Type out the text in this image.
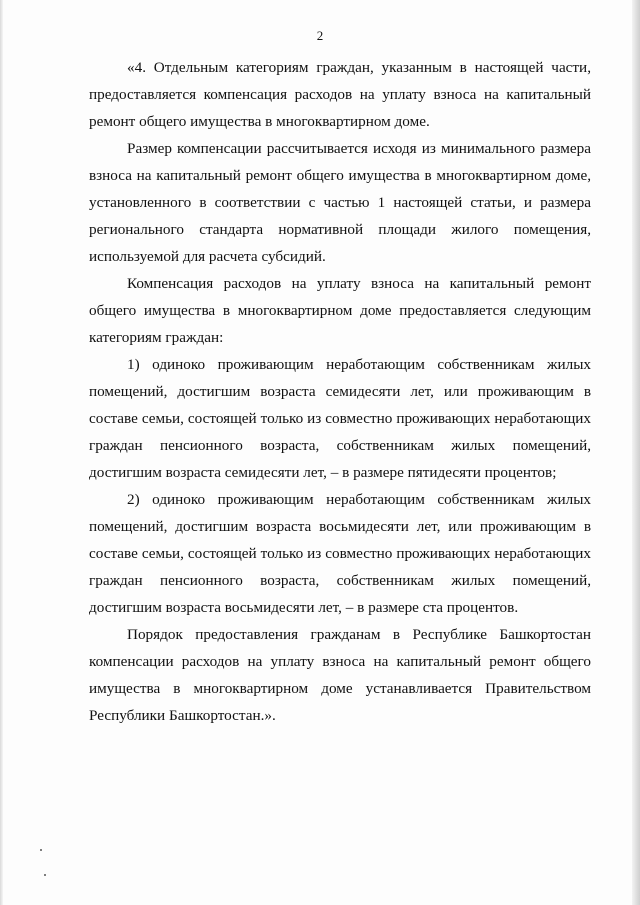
2

«4. Отдельным категориям граждан, указанным в настоящей части, предоставляется компенсация расходов на уплату взноса на капитальный ремонт общего имущества в многоквартирном доме.

Размер компенсации рассчитывается исходя из минимального размера взноса на капитальный ремонт общего имущества в многоквартирном доме, установленного в соответствии с частью 1 настоящей статьи, и размера регионального стандарта нормативной площади жилого помещения, используемой для расчета субсидий.

Компенсация расходов на уплату взноса на капитальный ремонт общего имущества в многоквартирном доме предоставляется следующим категориям граждан:

1) одиноко проживающим неработающим собственникам жилых помещений, достигшим возраста семидесяти лет, или проживающим в составе семьи, состоящей только из совместно проживающих неработающих граждан пенсионного возраста, собственникам жилых помещений, достигшим возраста семидесяти лет, – в размере пятидесяти процентов;

2) одиноко проживающим неработающим собственникам жилых помещений, достигшим возраста восьмидесяти лет, или проживающим в составе семьи, состоящей только из совместно проживающих неработающих граждан пенсионного возраста, собственникам жилых помещений, достигшим возраста восьмидесяти лет, – в размере ста процентов.

Порядок предоставления гражданам в Республике Башкортостан компенсации расходов на уплату взноса на капитальный ремонт общего имущества в многоквартирном доме устанавливается Правительством Республики Башкортостан.».
